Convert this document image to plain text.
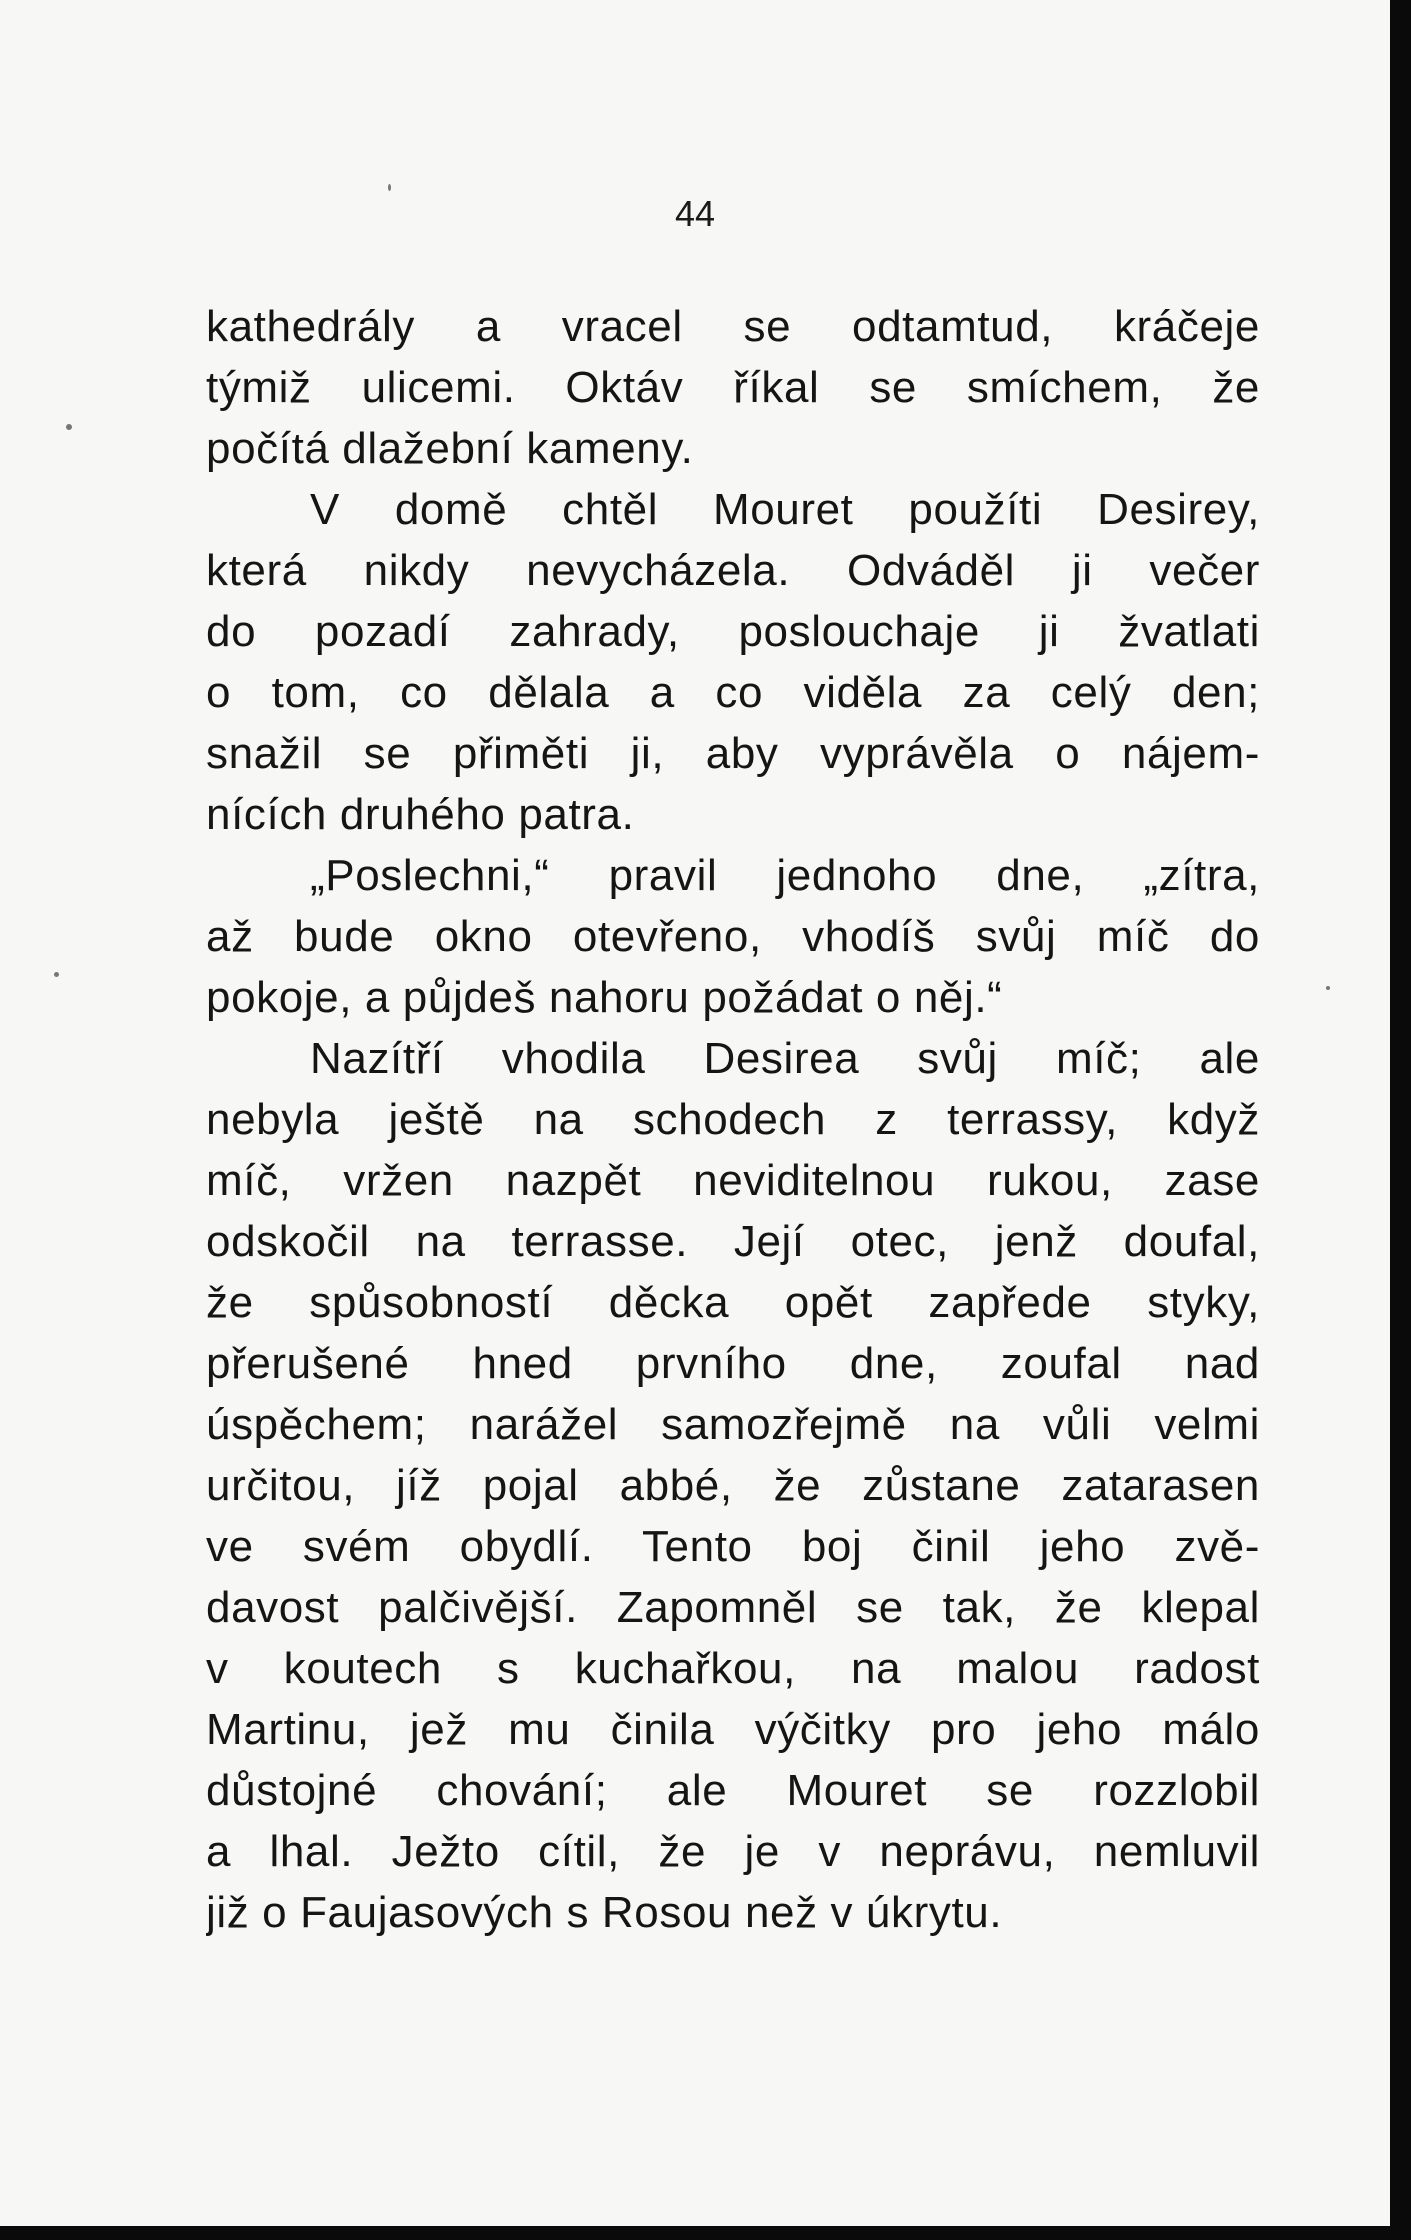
44

kathedrály a vracel se odtamtud, kráčeje
týmiž ulicemi. Oktáv říkal se smíchem, že
počítá dlažební kameny.
V domě chtěl Mouret použíti Desirey,
která nikdy nevycházela. Odváděl ji večer
do pozadí zahrady, poslouchaje ji žvatlati
o tom, co dělala a co viděla za celý den;
snažil se přiměti ji, aby vyprávěla o nájem-
nících druhého patra.
„Poslechni,“ pravil jednoho dne, „zítra,
až bude okno otevřeno, vhodíš svůj míč do
pokoje, a půjdeš nahoru požádat o něj.“
Nazítří vhodila Desirea svůj míč; ale
nebyla ještě na schodech z terrassy, když
míč, vržen nazpět neviditelnou rukou, zase
odskočil na terrasse. Její otec, jenž doufal,
že spůsobností děcka opět zapřede styky,
přerušené hned prvního dne, zoufal nad
úspěchem; narážel samozřejmě na vůli velmi
určitou, jíž pojal abbé, že zůstane zatarasen
ve svém obydlí. Tento boj činil jeho zvě-
davost palčivější. Zapomněl se tak, že klepal
v koutech s kuchařkou, na malou radost
Martinu, jež mu činila výčitky pro jeho málo
důstojné chování; ale Mouret se rozzlobil
a lhal. Ježto cítil, že je v neprávu, nemluvil
již o Faujasových s Rosou než v úkrytu.
